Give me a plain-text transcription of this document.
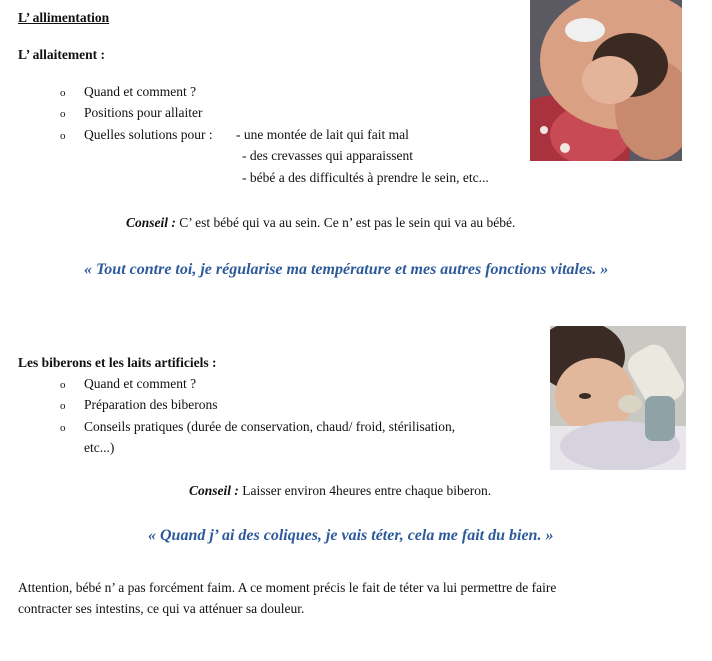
L’ allimentation
L’ allaitement :
o Quand et comment ?
o Positions pour allaiter
o Quelles solutions pour : - une montée de lait qui fait mal
- des crevasses qui apparaissent
- bébé a des difficultés à prendre le sein, etc...
Conseil : C’ est bébé qui va au sein. Ce n’ est pas le sein qui va au bébé.
« Tout contre toi, je régularise ma température et mes autres fonctions vitales. »
Les biberons et les laits artificiels :
o Quand et comment ?
o Préparation des biberons
o Conseils pratiques (durée de conservation, chaud/ froid, stérilisation,
etc...)
Conseil : Laisser environ 4heures entre chaque biberon.
« Quand j’ ai des coliques, je vais téter, cela me fait du bien. »
Attention, bébé n’ a pas forcément faim. A ce moment précis le fait de téter va lui permettre de faire
contracter ses intestins, ce qui va atténuer sa douleur.
